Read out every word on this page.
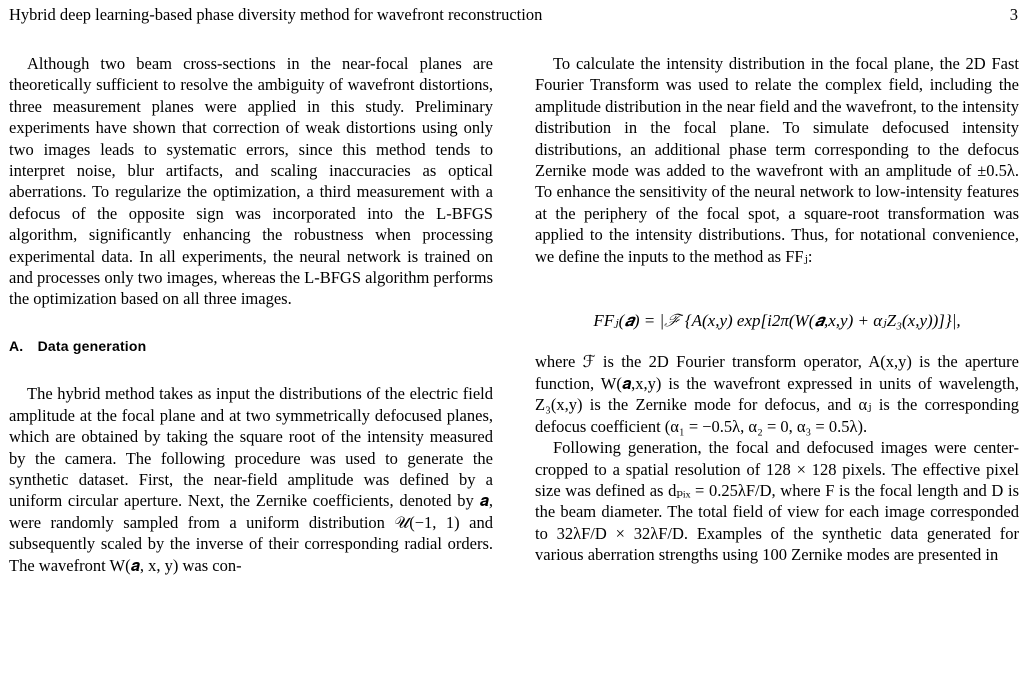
Hybrid deep learning-based phase diversity method for wavefront reconstruction	3

Although two beam cross-sections in the near-focal planes are theoretically sufficient to resolve the ambiguity of wavefront distortions, three measurement planes were applied in this study. Preliminary experiments have shown that correction of weak distortions using only two images leads to systematic errors, since this method tends to interpret noise, blur artifacts, and scaling inaccuracies as optical aberrations. To regularize the optimization, a third measurement with a defocus of the opposite sign was incorporated into the L-BFGS algorithm, significantly enhancing the robustness when processing experimental data. In all experiments, the neural network is trained on and processes only two images, whereas the L-BFGS algorithm performs the optimization based on all three images.

A. Data generation

The hybrid method takes as input the distributions of the electric field amplitude at the focal plane and at two symmetrically defocused planes, which are obtained by taking the square root of the intensity measured by the camera. The following procedure was used to generate the synthetic dataset. First, the near-field amplitude was defined by a uniform circular aperture. Next, the Zernike coefficients, denoted by 𝒂, were randomly sampled from a uniform distribution 𝒰(−1, 1) and subsequently scaled by the inverse of their corresponding radial orders. The wavefront W(𝒂, x, y) was con-

To calculate the intensity distribution in the focal plane, the 2D Fast Fourier Transform was used to relate the complex field, including the amplitude distribution in the near field and the wavefront, to the intensity distribution in the focal plane. To simulate defocused intensity distributions, an additional phase term corresponding to the defocus Zernike mode was added to the wavefront with an amplitude of ±0.5λ. To enhance the sensitivity of the neural network to low-intensity features at the periphery of the focal spot, a square-root transformation was applied to the intensity distributions. Thus, for notational convenience, we define the inputs to the method as FFⱼ:

FFⱼ(𝒂) = |ℱ {A(x,y) exp[i2π(W(𝒂,x,y) + αⱼZ₃(x,y))]}|,

where ℱ is the 2D Fourier transform operator, A(x,y) is the aperture function, W(𝒂,x,y) is the wavefront expressed in units of wavelength, Z₃(x,y) is the Zernike mode for defocus, and αⱼ is the corresponding defocus coefficient (α₁ = −0.5λ, α₂ = 0, α₃ = 0.5λ).

Following generation, the focal and defocused images were center-cropped to a spatial resolution of 128 × 128 pixels. The effective pixel size was defined as dₚᵢₓ = 0.25λF/D, where F is the focal length and D is the beam diameter. The total field of view for each image corresponded to 32λF/D × 32λF/D. Examples of the synthetic data generated for various aberration strengths using 100 Zernike modes are presented in
